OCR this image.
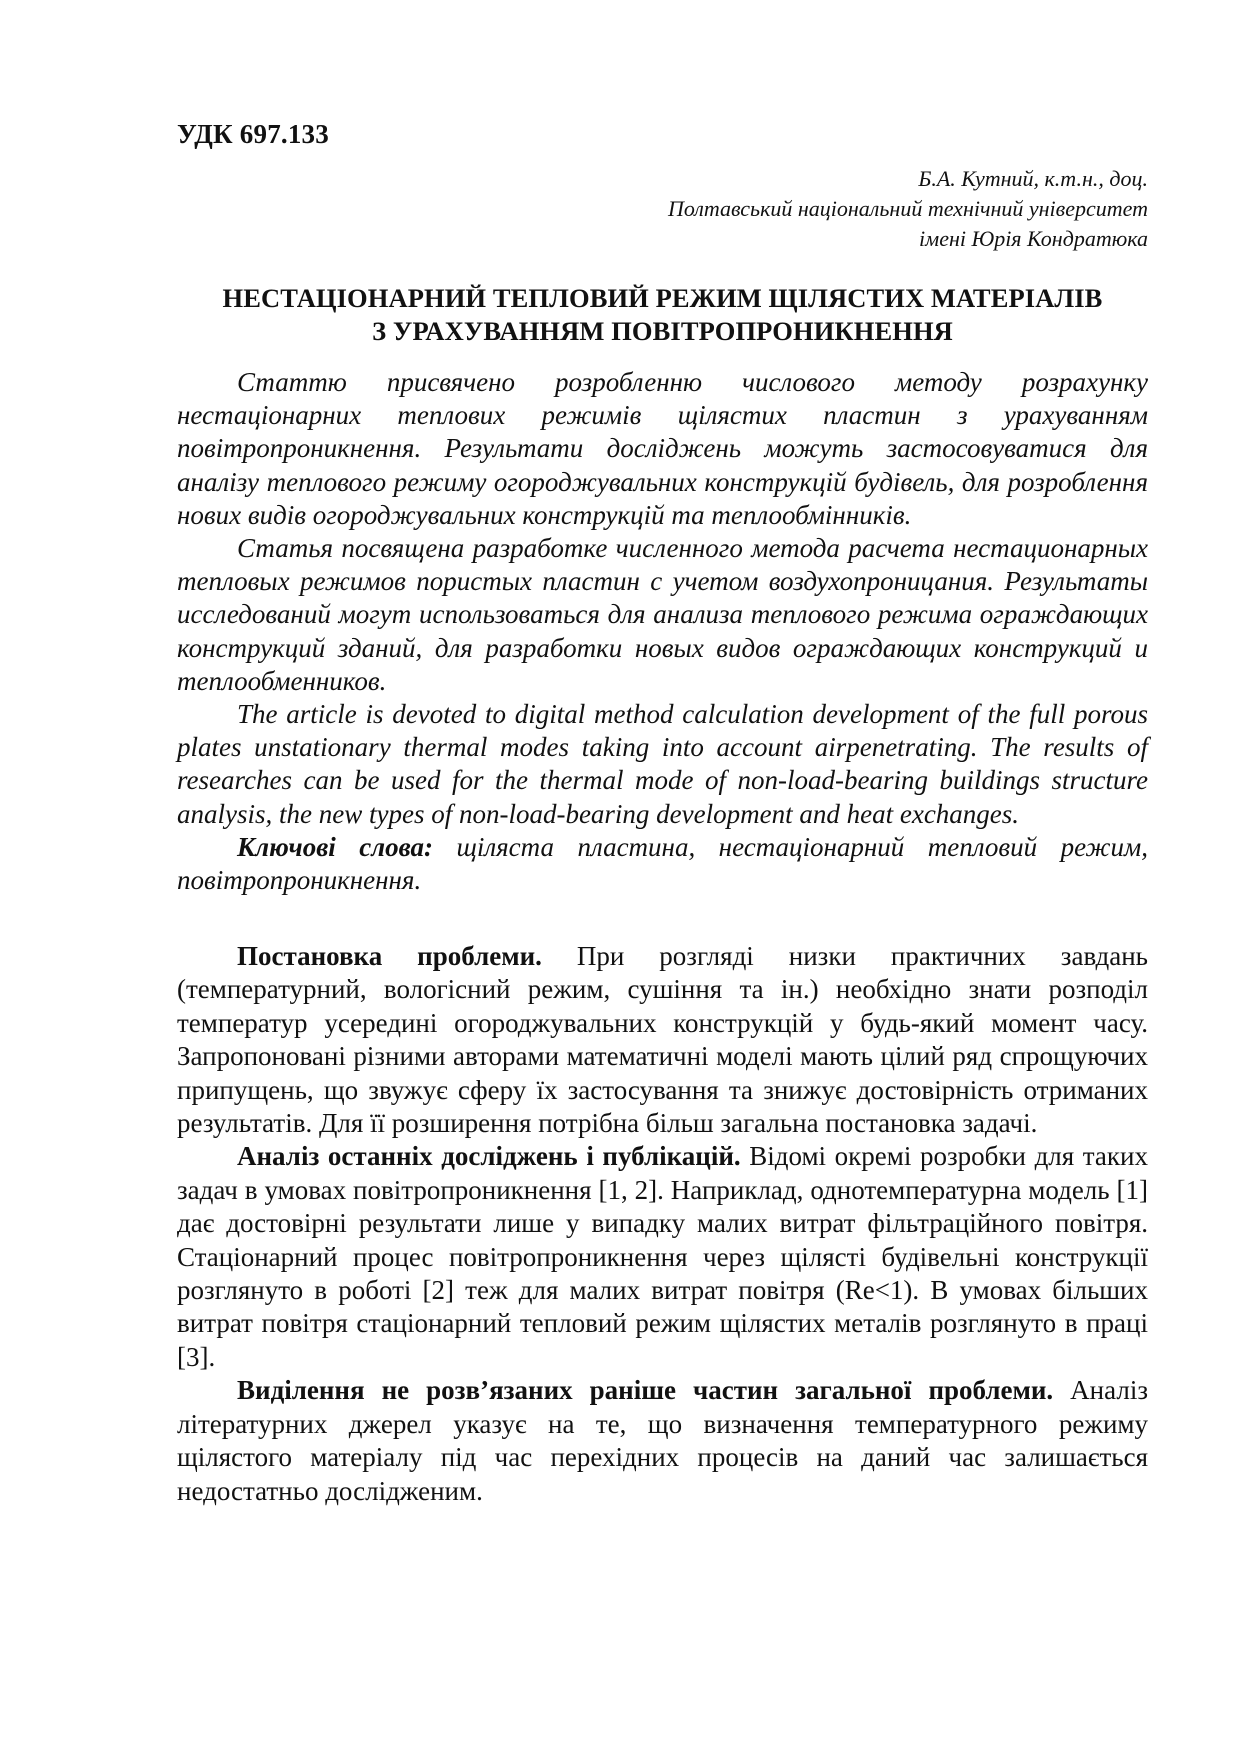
УДК 697.133
Б.А. Кутний, к.т.н., доц.
Полтавський національний технічний університет
імені Юрія Кондратюка
НЕСТАЦІОНАРНИЙ ТЕПЛОВИЙ РЕЖИМ ЩІЛЯСТИХ МАТЕРІАЛІВ
З УРАХУВАННЯМ ПОВІТРОПРОНИКНЕННЯ

Статтю присвячено розробленню числового методу розрахунку нестаціонарних теплових режимів щілястих пластин з урахуванням повітропроникнення. Результати досліджень можуть застосовуватися для аналізу теплового режиму огороджувальних конструкцій будівель, для розроблення нових видів огороджувальних конструкцій та теплообмінників.

Статья посвящена разработке численного метода расчета нестационарных тепловых режимов пористых пластин с учетом воздухопроницания. Результаты исследований могут использоваться для анализа теплового режима ограждающих конструкций зданий, для разработки новых видов ограждающих конструкций и теплообменников.

The article is devoted to digital method calculation development of the full porous plates unstationary thermal modes taking into account airpenetrating. The results of researches can be used for the thermal mode of non-load-bearing buildings structure analysis, the new types of non-load-bearing development and heat exchanges.

Ключові слова: щіляста пластина, нестаціонарний тепловий режим, повітропроникнення.

Постановка проблеми. При розгляді низки практичних завдань (температурний, вологісний режим, сушіння та ін.) необхідно знати розподіл температур усередині огороджувальних конструкцій у будь-який момент часу. Запропоновані різними авторами математичні моделі мають цілий ряд спрощуючих припущень, що звужує сферу їх застосування та знижує достовірність отриманих результатів. Для її розширення потрібна більш загальна постановка задачі.

Аналіз останніх досліджень і публікацій. Відомі окремі розробки для таких задач в умовах повітропроникнення [1, 2]. Наприклад, однотемпературна модель [1] дає достовірні результати лише у випадку малих витрат фільтраційного повітря. Стаціонарний процес повітропроникнення через щілясті будівельні конструкції розглянуто в роботі [2] теж для малих витрат повітря (Re<1). В умовах більших витрат повітря стаціонарний тепловий режим щілястих металів розглянуто в праці [3].

Виділення не розв’язаних раніше частин загальної проблеми. Аналіз літературних джерел указує на те, що визначення температурного режиму щілястого матеріалу під час перехідних процесів на даний час залишається недостатньо дослідженим.
